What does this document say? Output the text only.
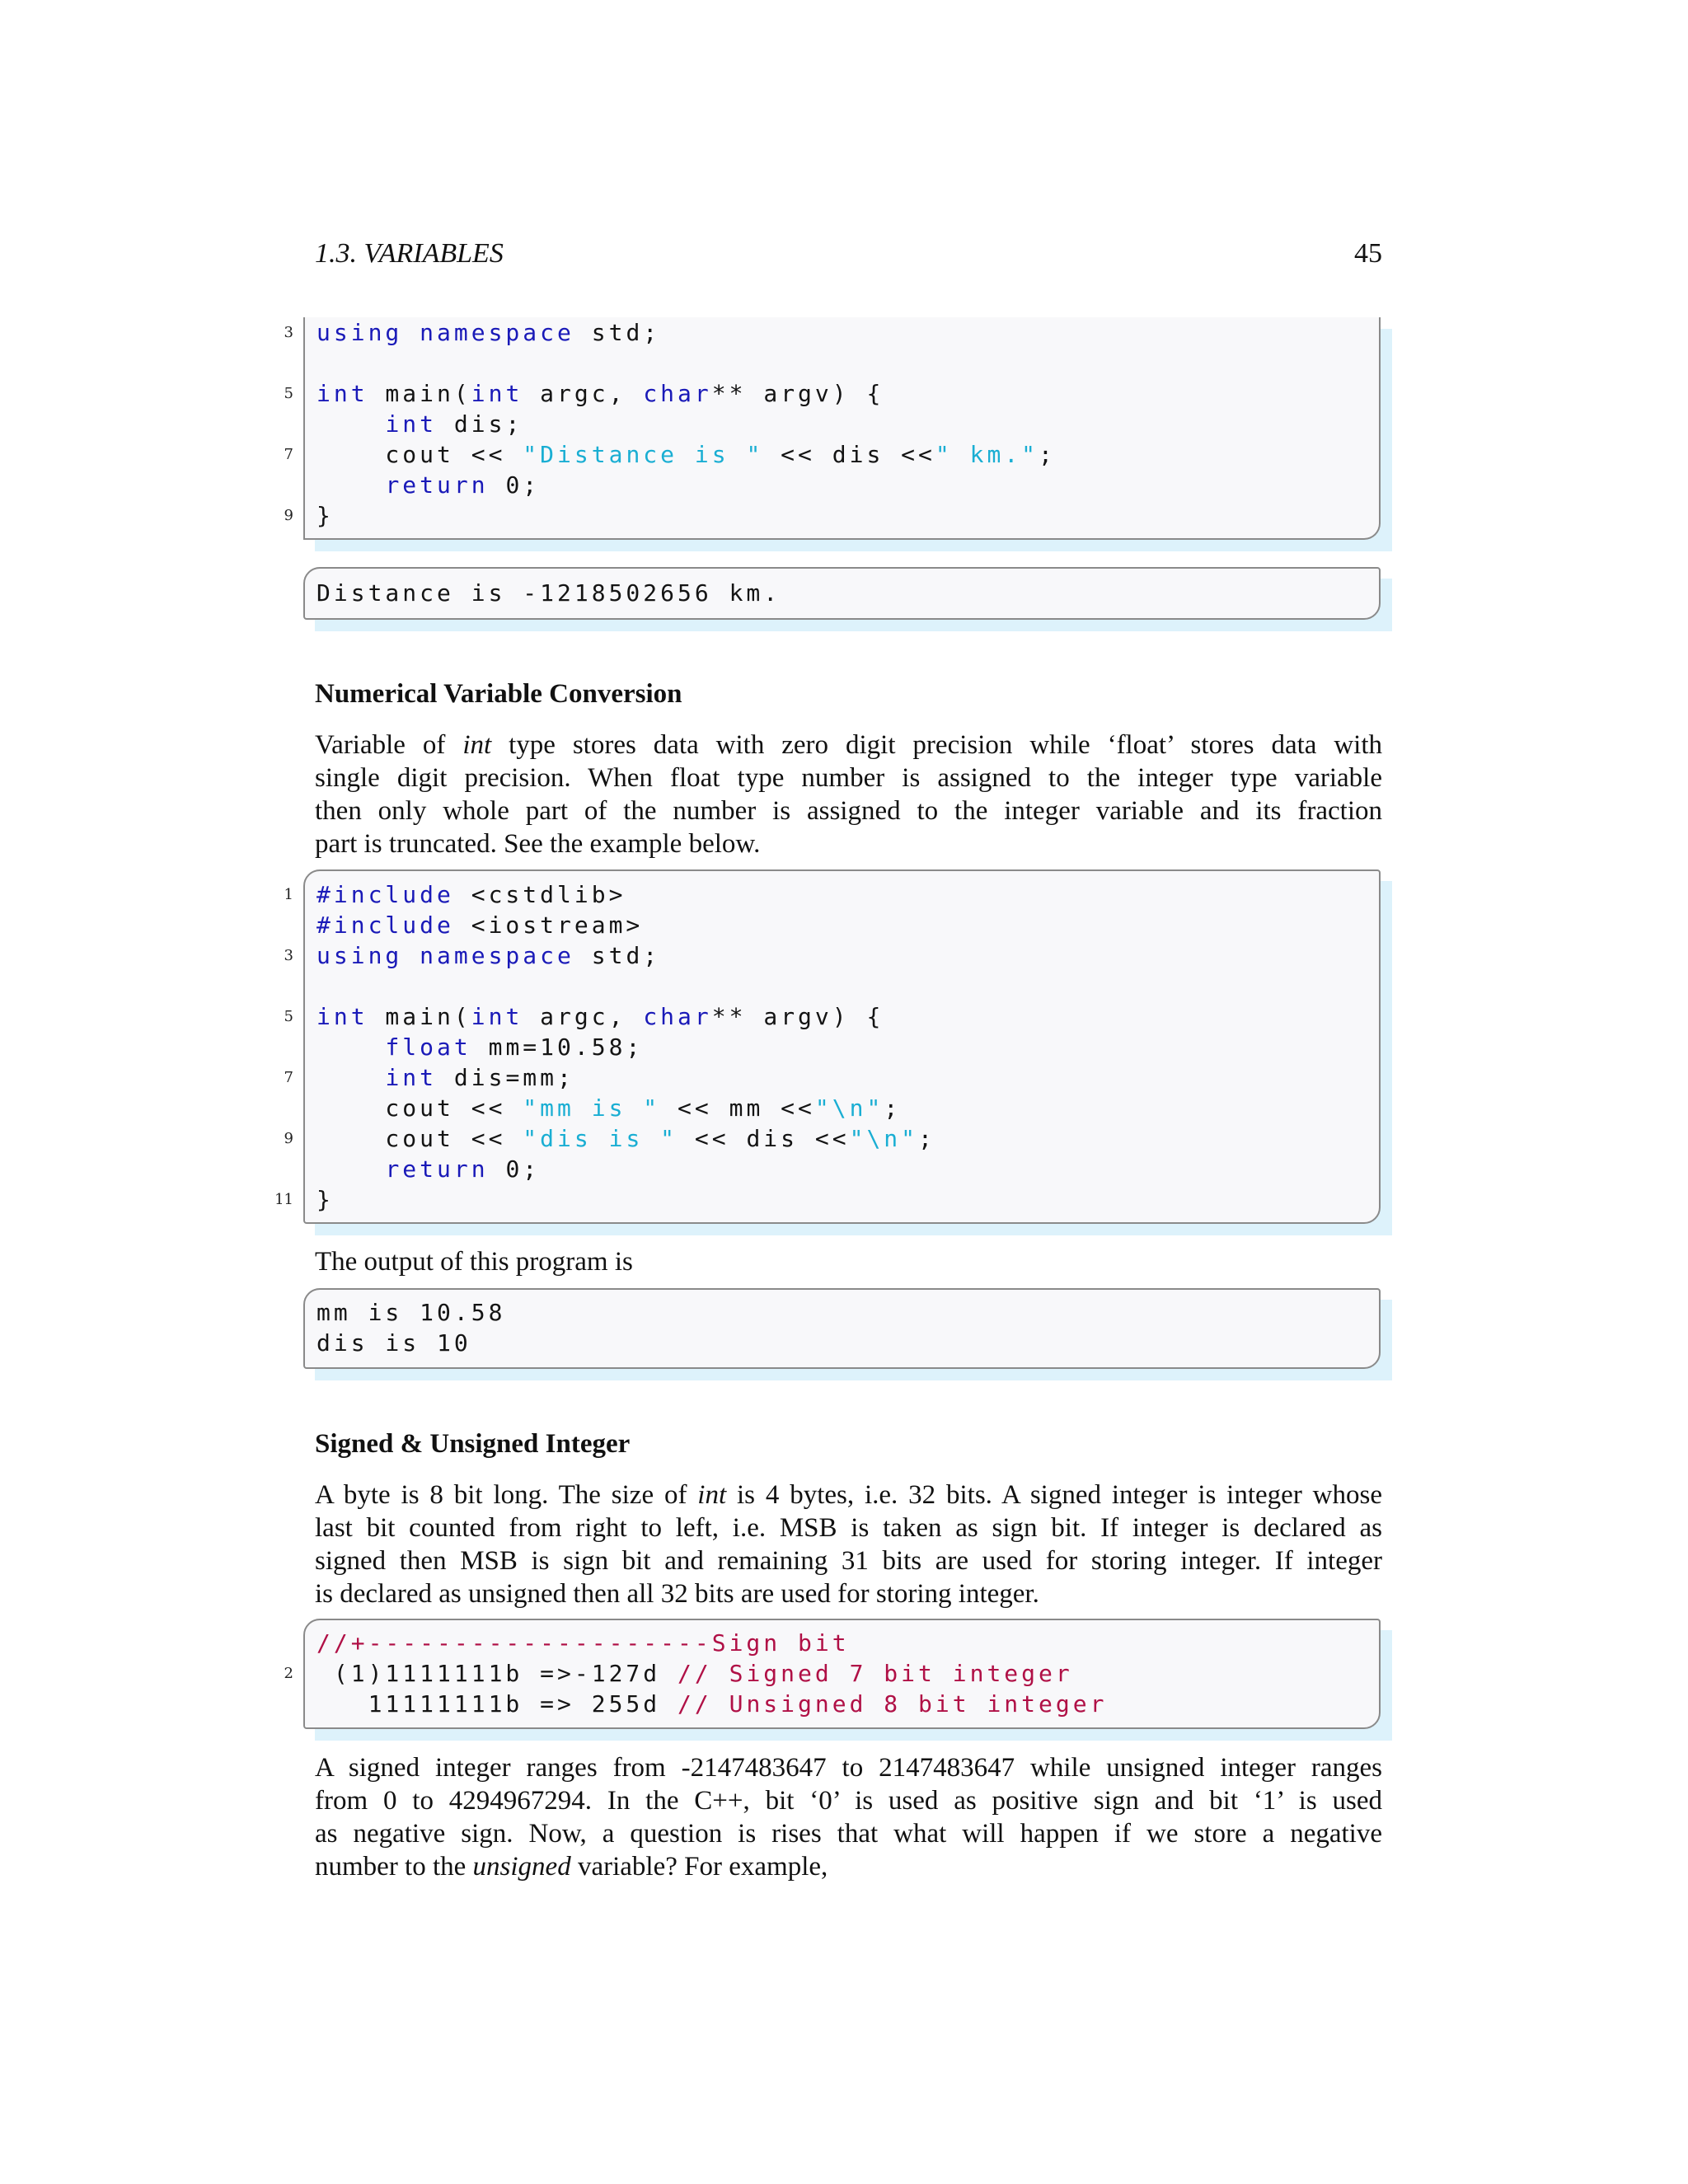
1.3. VARIABLES	45
3
5
7
9
using namespace std;
int main(int argc, char** argv) {
int dis;
cout << "Distance is " << dis <<" km.";
return 0;
}
Distance is -1218502656 km.
Numerical Variable Conversion
Variable of int type stores data with zero digit precision while ‘float’ stores data with
single digit precision. When float type number is assigned to the integer type variable
then only whole part of the number is assigned to the integer variable and its fraction
part is truncated. See the example below.
1
3
5
7
9
11
#include <cstdlib>
#include <iostream>
using namespace std;
int main(int argc, char** argv) {
float mm=10.58;
int dis=mm;
cout << "mm is " << mm <<"\n";
cout << "dis is " << dis <<"\n";
return 0;
}
The output of this program is
mm is 10.58
dis is 10
Signed & Unsigned Integer
A byte is 8 bit long. The size of int is 4 bytes, i.e. 32 bits. A signed integer is integer whose
last bit counted from right to left, i.e. MSB is taken as sign bit. If integer is declared as
signed then MSB is sign bit and remaining 31 bits are used for storing integer. If integer
is declared as unsigned then all 32 bits are used for storing integer.
2
//+--------------------Sign bit
(1)1111111b =>-127d // Signed 7 bit integer
11111111b => 255d // Unsigned 8 bit integer
A signed integer ranges from -2147483647 to 2147483647 while unsigned integer ranges
from 0 to 4294967294. In the C++, bit ‘0’ is used as positive sign and bit ‘1’ is used
as negative sign. Now, a question is rises that what will happen if we store a negative
number to the unsigned variable? For example,
